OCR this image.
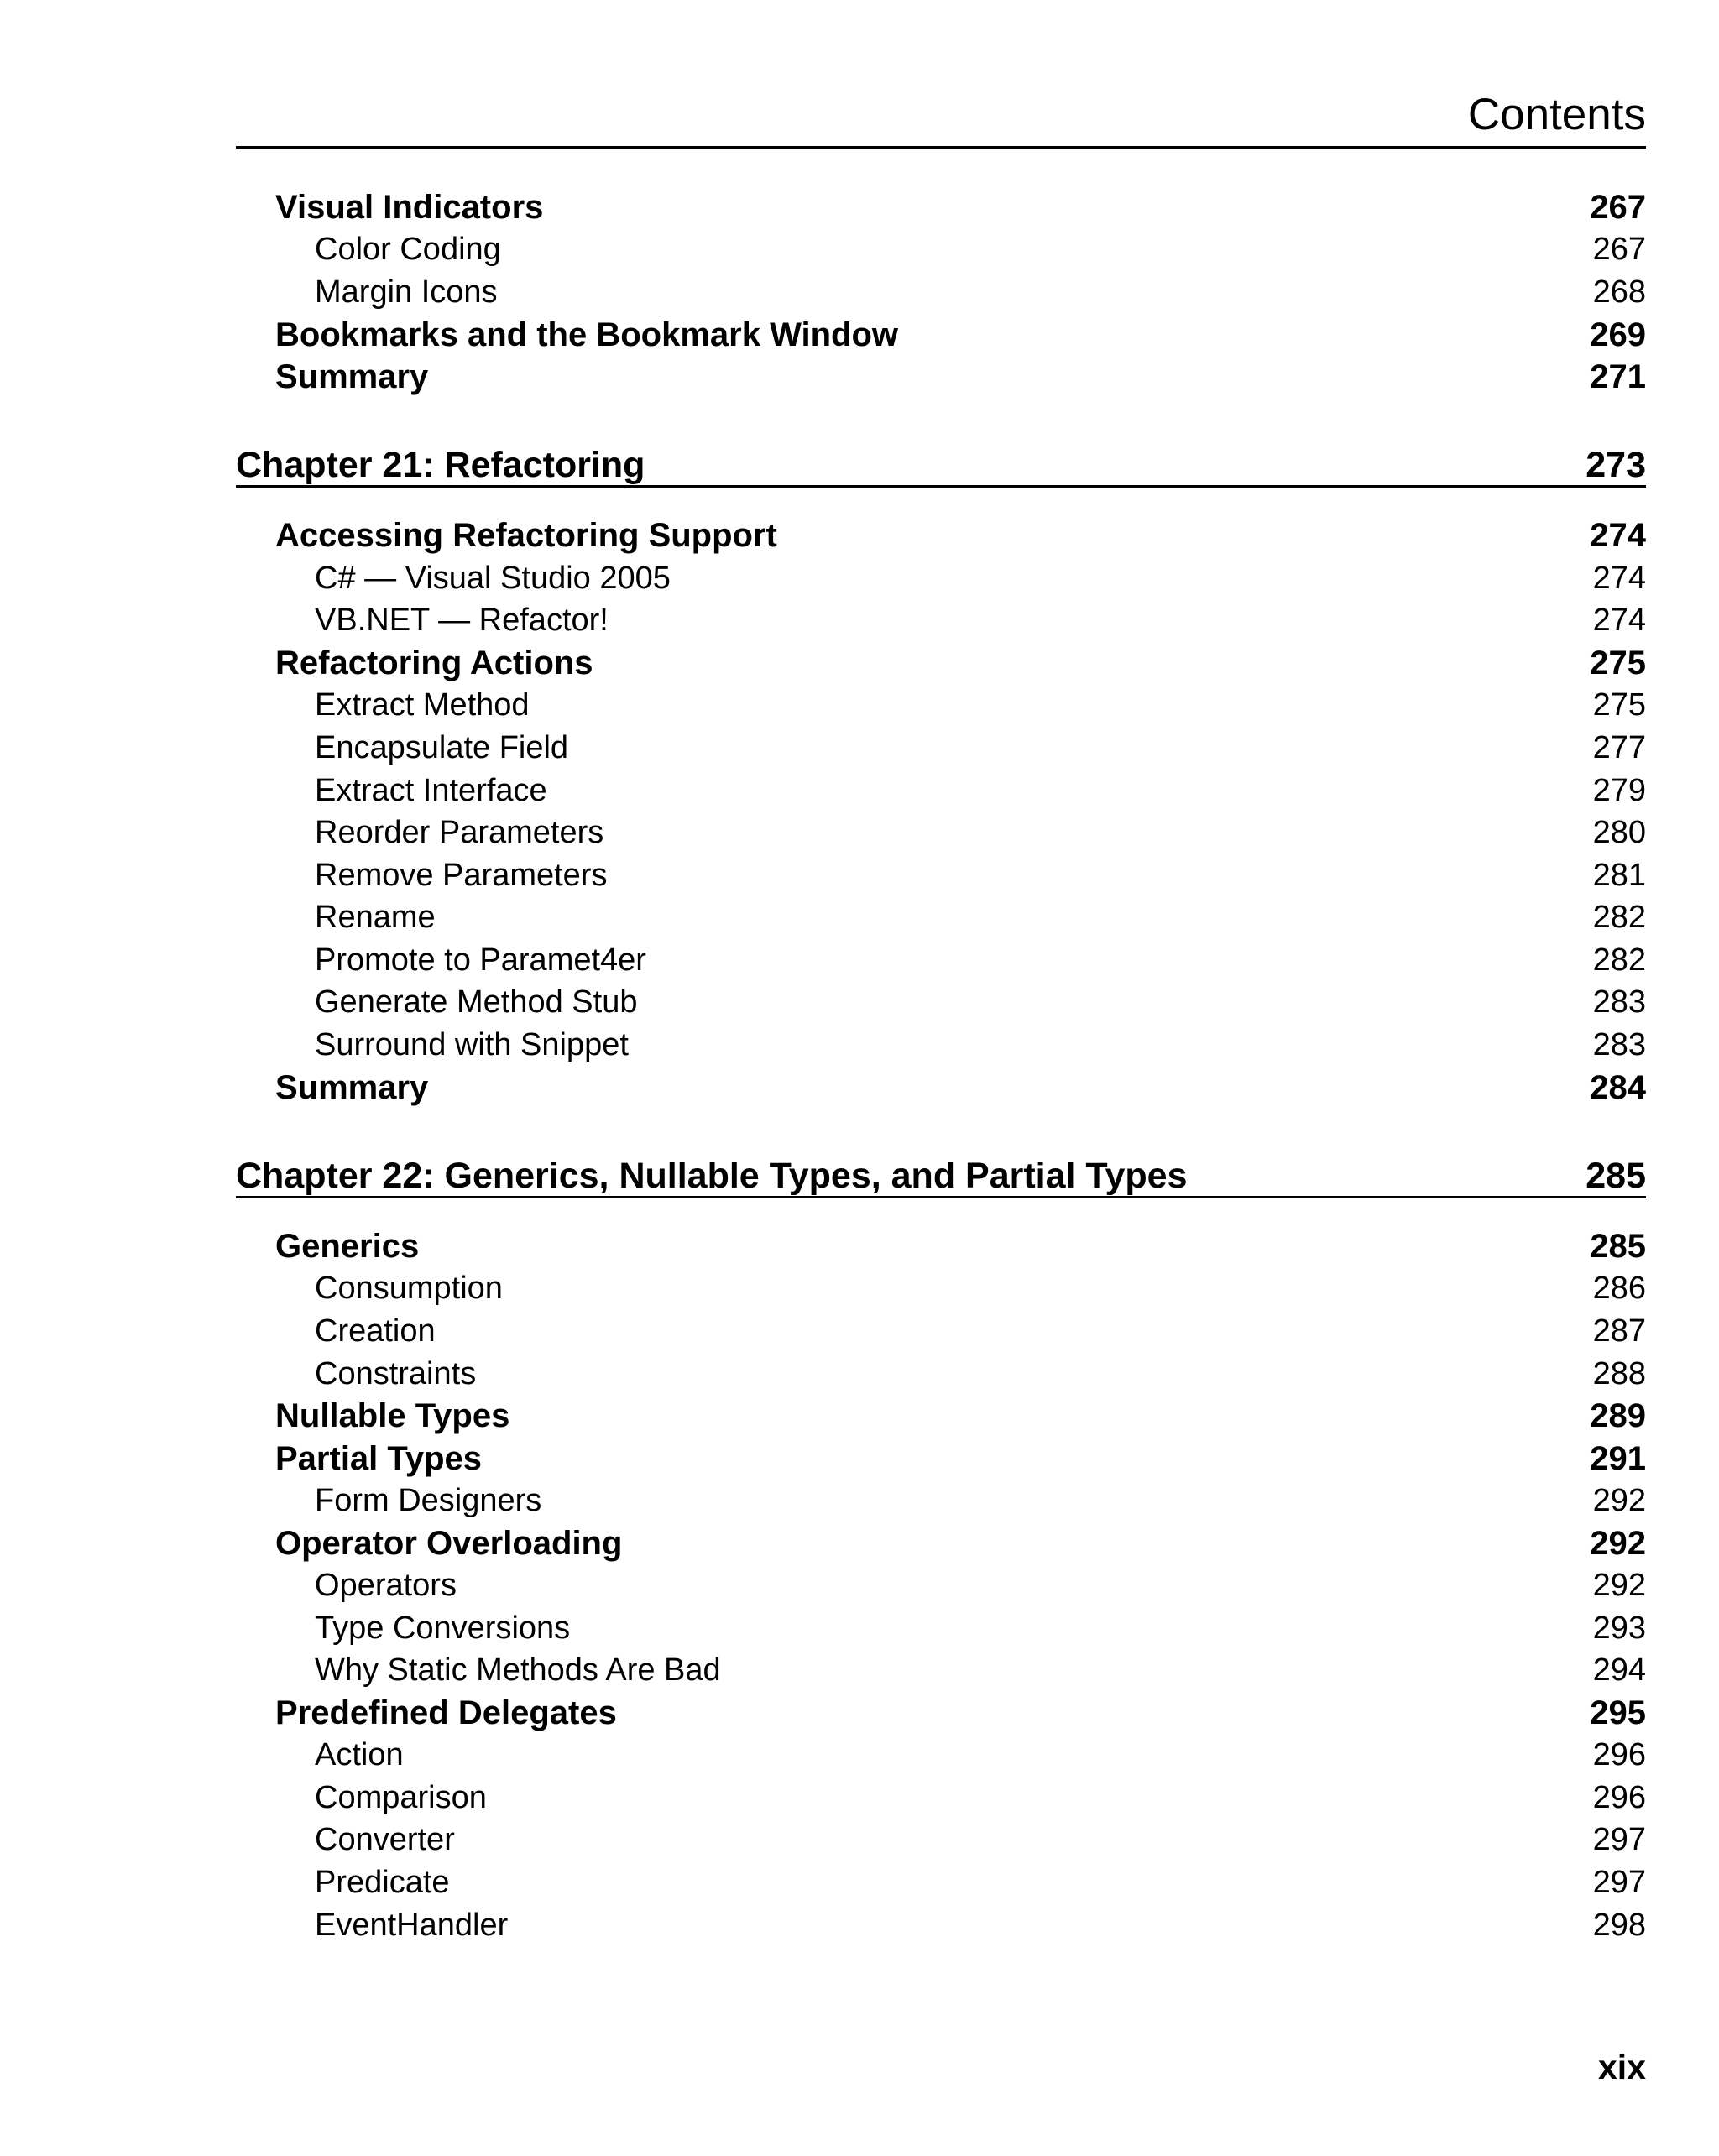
Contents
Visual Indicators	267
Color Coding	267
Margin Icons	268
Bookmarks and the Bookmark Window	269
Summary	271
Chapter 21: Refactoring	273
Accessing Refactoring Support	274
C# — Visual Studio 2005	274
VB.NET — Refactor!	274
Refactoring Actions	275
Extract Method	275
Encapsulate Field	277
Extract Interface	279
Reorder Parameters	280
Remove Parameters	281
Rename	282
Promote to Paramet4er	282
Generate Method Stub	283
Surround with Snippet	283
Summary	284
Chapter 22: Generics, Nullable Types, and Partial Types	285
Generics	285
Consumption	286
Creation	287
Constraints	288
Nullable Types	289
Partial Types	291
Form Designers	292
Operator Overloading	292
Operators	292
Type Conversions	293
Why Static Methods Are Bad	294
Predefined Delegates	295
Action	296
Comparison	296
Converter	297
Predicate	297
EventHandler	298
xix
